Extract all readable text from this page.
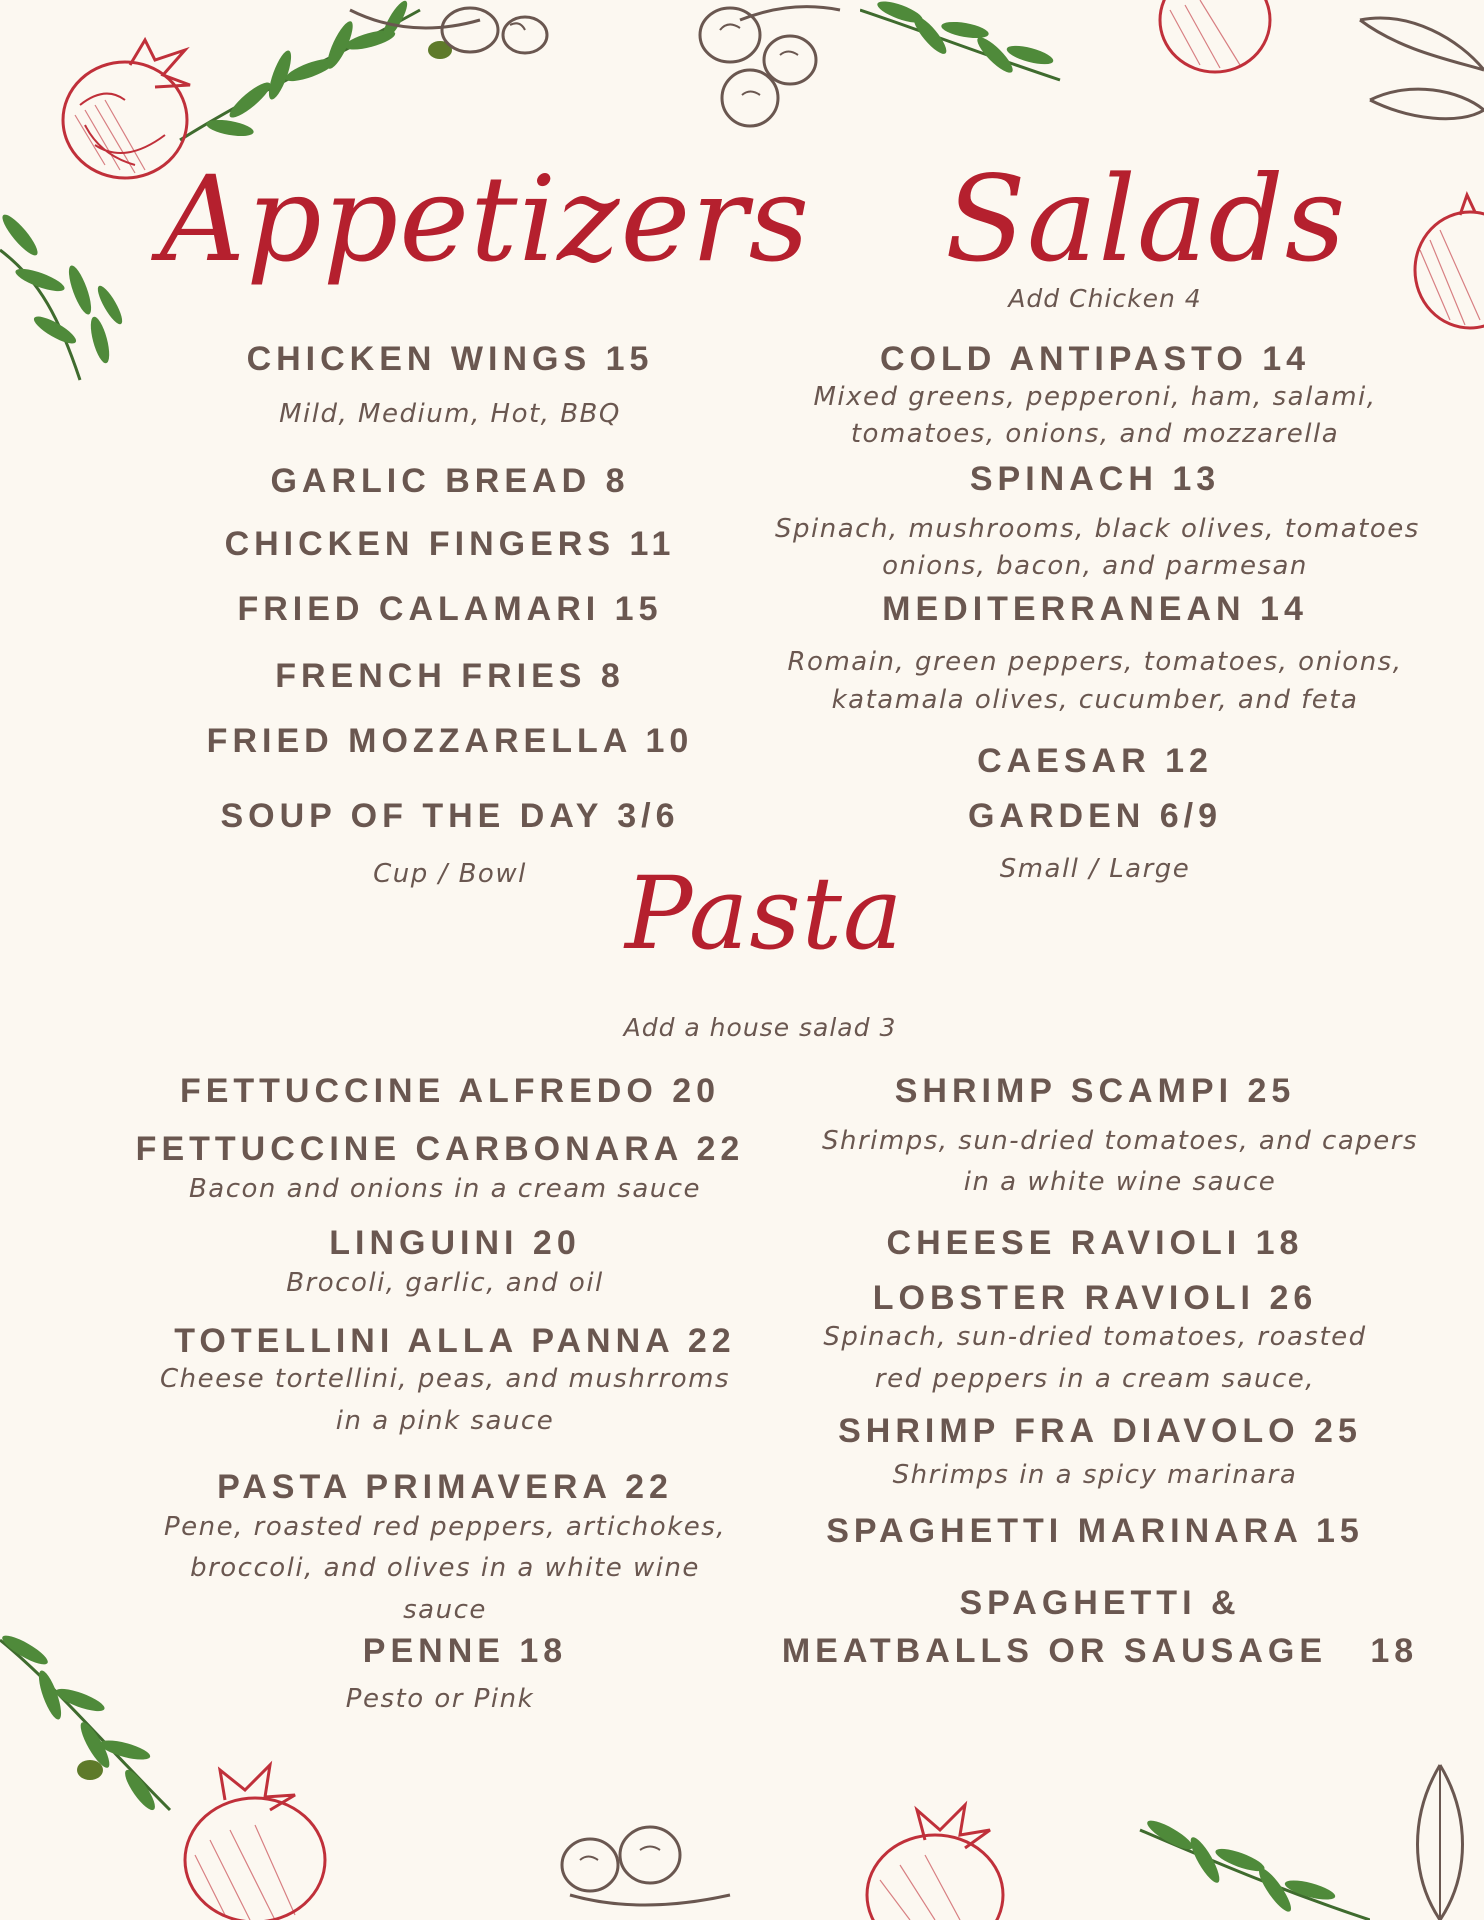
Appetizers
CHICKEN WINGS 15
Mild, Medium, Hot, BBQ
GARLIC BREAD 8
CHICKEN FINGERS 11
FRIED CALAMARI 15
FRENCH FRIES 8
FRIED MOZZARELLA 10
SOUP OF THE DAY 3/6
Cup / Bowl
Salads
Add Chicken 4
COLD ANTIPASTO 14
Mixed greens, pepperoni, ham, salami,
tomatoes, onions, and mozzarella
SPINACH 13
Spinach, mushrooms, black olives, tomatoes
onions, bacon, and parmesan
MEDITERRANEAN 14
Romain, green peppers, tomatoes, onions,
katamala olives, cucumber, and feta
CAESAR 12
GARDEN 6/9
Small / Large
Pasta
Add a house salad 3
FETTUCCINE ALFREDO 20
FETTUCCINE CARBONARA 22
Bacon and onions in a cream sauce
LINGUINI 20
Brocoli, garlic, and oil
TOTELLINI ALLA PANNA 22
Cheese tortellini, peas, and mushrroms
in a pink sauce
PASTA PRIMAVERA 22
Pene, roasted red peppers, artichokes,
broccoli, and olives in a white wine
sauce
PENNE 18
Pesto or Pink
SHRIMP SCAMPI 25
Shrimps, sun-dried tomatoes, and capers
in a white wine sauce
CHEESE RAVIOLI 18
LOBSTER RAVIOLI 26
Spinach, sun-dried tomatoes, roasted
red peppers in a cream sauce,
SHRIMP FRA DIAVOLO 25
Shrimps in a spicy marinara
SPAGHETTI MARINARA 15
SPAGHETTI &
MEATBALLS OR SAUSAGE   18
